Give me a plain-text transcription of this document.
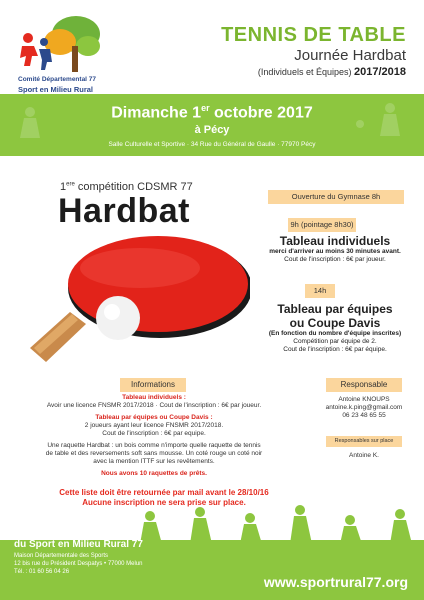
Comité Départemental 77
Sport en Milieu Rural
TENNIS DE TABLE
Journée Hardbat
(Individuels et Équipes) 2017/2018
Dimanche 1er octobre 2017
à Pécy
Salle Culturelle et Sportive · 34 Rue du Général de Gaulle · 77970 Pécy
1ere compétition CDSMR 77
Hardbat	Ouverture du Gymnase 8h
9h (pointage 8h30)
Tableau individuels
merci d'arriver au moins 30 minutes avant.
Cout de l'inscription : 6€ par joueur.
14h
Tableau par équipes
ou Coupe Davis
(En fonction du nombre d'équipe inscrites)
Compétition par équipe de 2.
Cout de l'inscription : 6€ par équipe.
Informations
Tableau individuels :
Avoir une licence FNSMR 2017/2018 · Cout de l'inscription : 6€ par joueur.
Tableau par équipes ou Coupe Davis :
2 joueurs ayant leur licence FNSMR 2017/2018.
Cout de l'inscription : 6€ par equipe.
Une raquette Hardbat : un bois comme n'importe quelle raquette de tennis
de table et des reversements soft sans mousse. Un coté rouge un coté noir
avec la mention ITTF sur les revêtements.
Nous avons 10 raquettes de prêts.
Cette liste doit être retournée par mail avant le 28/10/16
Aucune inscription ne sera prise sur place.
Responsable
Antoine KNOUPS
antoine.k.ping@gmail.com
06 23 48 65 55
Responsables sur place
Antoine K.
Comité Départemental
du Sport en Milieu Rural 77
Maison Départementale des Sports
12 bis rue du Président Despatys • 77000 Melun
Tél. : 01 60 56 04 26
www.sportrural77.org
